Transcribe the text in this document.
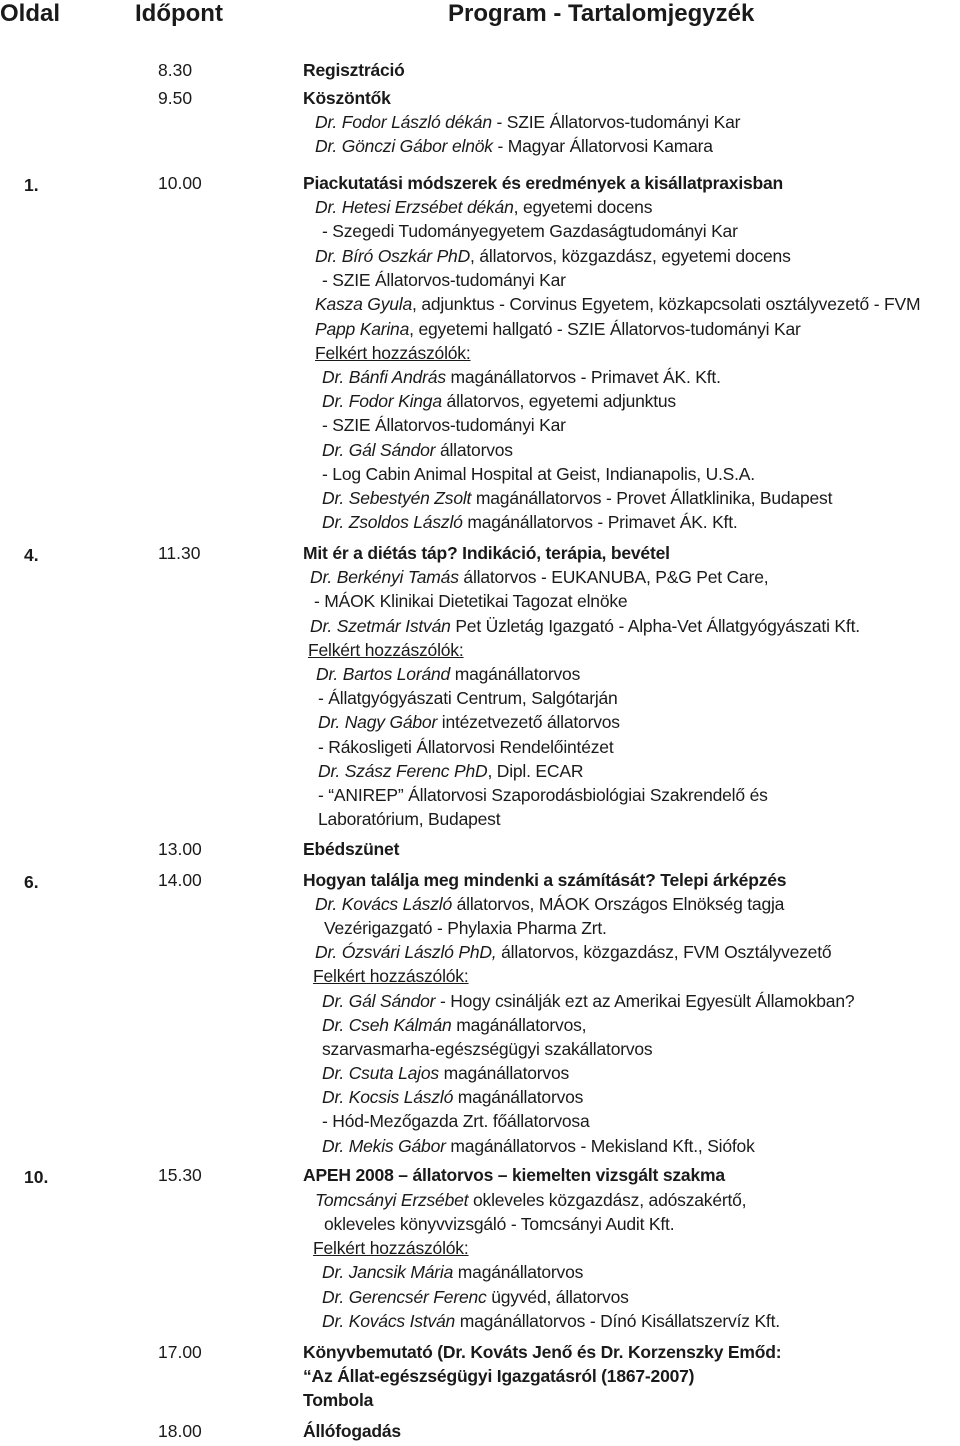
Oldal	Időpont	Program - Tartalomjegyzék
8.30	Regisztráció
9.50	Köszöntők
Dr. Fodor László dékán - SZIE Állatorvos-tudományi Kar
Dr. Gönczi Gábor elnök - Magyar Állatorvosi Kamara
1.	10.00	Piackutatási módszerek és eredmények a kisállatpraxisban
Dr. Hetesi Erzsébet dékán, egyetemi docens
- Szegedi Tudományegyetem Gazdaságtudományi Kar
Dr. Bíró Oszkár PhD, állatorvos, közgazdász, egyetemi docens
- SZIE Állatorvos-tudományi Kar
Kasza Gyula, adjunktus - Corvinus Egyetem, közkapcsolati osztályvezető - FVM
Papp Karina, egyetemi hallgató - SZIE Állatorvos-tudományi Kar
Felkért hozzászólók:
Dr. Bánfi András magánállatorvos - Primavet ÁK. Kft.
Dr. Fodor Kinga állatorvos, egyetemi adjunktus
- SZIE Állatorvos-tudományi Kar
Dr. Gál Sándor állatorvos
- Log Cabin Animal Hospital at Geist, Indianapolis, U.S.A.
Dr. Sebestyén Zsolt magánállatorvos - Provet Állatklinika, Budapest
Dr. Zsoldos László magánállatorvos - Primavet ÁK. Kft.
4.	11.30	Mit ér a diétás táp? Indikáció, terápia, bevétel
Dr. Berkényi Tamás állatorvos - EUKANUBA, P&G Pet Care,
- MÁOK Klinikai Dietetikai Tagozat elnöke
Dr. Szetmár István Pet Üzletág Igazgató - Alpha-Vet Állatgyógyászati Kft.
Felkért hozzászólók:
Dr. Bartos Loránd magánállatorvos
- Állatgyógyászati Centrum, Salgótarján
Dr. Nagy Gábor intézetvezető állatorvos
- Rákosligeti Állatorvosi Rendelőintézet
Dr. Szász Ferenc PhD, Dipl. ECAR
- “ANIREP” Állatorvosi Szaporodásbiológiai Szakrendelő és
Laboratórium, Budapest
13.00	Ebédszünet
6.	14.00	Hogyan találja meg mindenki a számítását? Telepi árképzés
Dr. Kovács László állatorvos, MÁOK Országos Elnökség tagja
Vezérigazgató - Phylaxia Pharma Zrt.
Dr. Ózsvári László PhD, állatorvos, közgazdász, FVM Osztályvezető
Felkért hozzászólók:
Dr. Gál Sándor - Hogy csinálják ezt az Amerikai Egyesült Államokban?
Dr. Cseh Kálmán magánállatorvos,
szarvasmarha-egészségügyi szakállatorvos
Dr. Csuta Lajos magánállatorvos
Dr. Kocsis László magánállatorvos
- Hód-Mezőgazda Zrt. főállatorvosa
Dr. Mekis Gábor magánállatorvos - Mekisland Kft., Siófok
10.	15.30	APEH 2008 – állatorvos – kiemelten vizsgált szakma
Tomcsányi Erzsébet okleveles közgazdász, adószakértő,
okleveles könyvvizsgáló - Tomcsányi Audit Kft.
Felkért hozzászólók:
Dr. Jancsik Mária magánállatorvos
Dr. Gerencsér Ferenc ügyvéd, állatorvos
Dr. Kovács István magánállatorvos - Dínó Kisállatszervíz Kft.
17.00	Könyvbemutató (Dr. Kováts Jenő és Dr. Korzenszky Emőd:
“Az Állat-egészségügyi Igazgatásról (1867-2007)
Tombola
18.00	Állófogadás
